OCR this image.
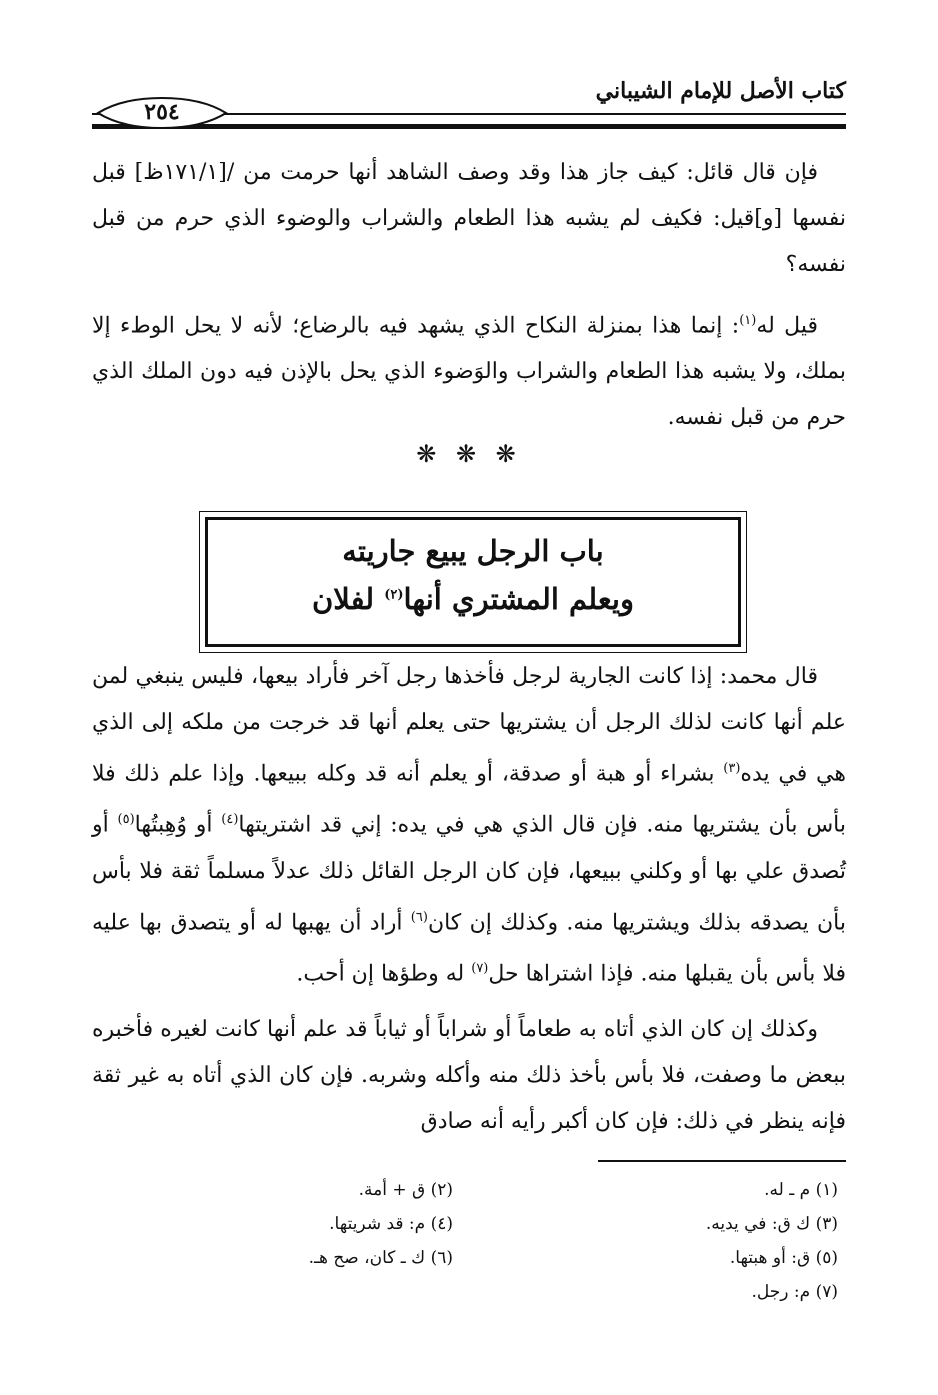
كتاب الأصل للإمام الشيباني
٢٥٤

فإن قال قائل: كيف جاز هذا وقد وصف الشاهد أنها حرمت من /[١٧١/١ظ] قبل نفسها [و]قيل: فكيف لم يشبه هذا الطعام والشراب والوضوء الذي حرم من قبل نفسه؟

قيل له$^{(١)}$: إنما هذا بمنزلة النكاح الذي يشهد فيه بالرضاع؛ لأنه لا يحل الوطء إلا بملك، ولا يشبه هذا الطعام والشراب والوَضوء الذي يحل بالإذن فيه دون الملك الذي حرم من قبل نفسه.

❋ ❋ ❋
باب الرجل يبيع جاريته
ويعلم المشتري أنها$^{(٢)}$ لفلان

قال محمد: إذا كانت الجارية لرجل فأخذها رجل آخر فأراد بيعها، فليس ينبغي لمن علم أنها كانت لذلك الرجل أن يشتريها حتى يعلم أنها قد خرجت من ملكه إلى الذي هي في يده$^{(٣)}$ بشراء أو هبة أو صدقة، أو يعلم أنه قد وكله ببيعها. وإذا علم ذلك فلا بأس بأن يشتريها منه. فإن قال الذي هي في يده: إني قد اشتريتها$^{(٤)}$ أو وُهِبتُها$^{(٥)}$ أو تُصدق علي بها أو وكلني ببيعها، فإن كان الرجل القائل ذلك عدلاً مسلماً ثقة فلا بأس بأن يصدقه بذلك ويشتريها منه. وكذلك إن كان$^{(٦)}$ أراد أن يهبها له أو يتصدق بها عليه فلا بأس بأن يقبلها منه. فإذا اشتراها حل$^{(٧)}$ له وطؤها إن أحب.

وكذلك إن كان الذي أتاه به طعاماً أو شراباً أو ثياباً قد علم أنها كانت لغيره فأخبره ببعض ما وصفت، فلا بأس بأخذ ذلك منه وأكله وشربه. فإن كان الذي أتاه به غير ثقة فإنه ينظر في ذلك: فإن كان أكبر رأيه أنه صادق

(١) م ـ له.
(٢) ق + أمة.
(٣) ك ق: في يديه.
(٤) م: قد شريتها.
(٥) ق: أو هبتها.
(٦) ك ـ كان، صح هـ.
(٧) م: رجل.
